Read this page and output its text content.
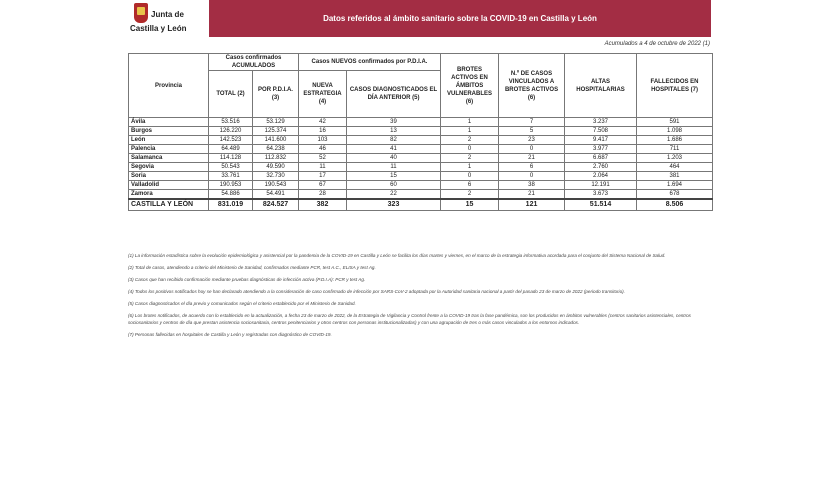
Junta de
Castilla y León
Datos referidos al ámbito sanitario sobre la COVID-19 en Castilla y León
Acumulados a 4 de octubre de 2022 (1)
Provincia	Casos confirmados ACUMULADOS		Casos NUEVOS confirmados por P.D.I.A.		BROTES ACTIVOS EN ÁMBITOS VULNERABLES (6)	N.º DE CASOS VINCULADOS A BROTES ACTIVOS (6)	ALTAS HOSPITALARIAS	FALLECIDOS EN HOSPITALES (7)
	TOTAL (2)	POR P.D.I.A. (3)	NUEVA ESTRATEGIA (4)	CASOS DIAGNOSTICADOS EL DÍA ANTERIOR (5)				
Ávila	53.516	53.129	42	39	1	7	3.237	591
Burgos	126.220	125.374	16	13	1	5	7.508	1.098
León	142.523	141.600	103	82	2	23	9.417	1.686
Palencia	64.489	64.238	46	41	0	0	3.977	711
Salamanca	114.128	112.832	52	40	2	21	6.687	1.203
Segovia	50.543	49.590	11	11	1	6	2.760	464
Soria	33.761	32.730	17	15	0	0	2.064	381
Valladolid	190.953	190.543	67	60	6	38	12.191	1.694
Zamora	54.886	54.491	28	22	2	21	3.673	678
CASTILLA Y LEÓN	831.019	824.527	382	323	15	121	51.514	8.506

(1) La información estadística sobre la evolución epidemiológica y asistencial por la pandemia de la COVID-19 en Castilla y León se facilita los días martes y viernes, en el marco de la estrategia informativa acordada para el conjunto del Sistema Nacional de Salud.

(2) Total de casos, atendiendo a criterio del Ministerio de Sanidad, confirmados mediante PCR, test A.C., ELISA y test Ag.

(3) Casos que han recibido confirmación mediante pruebas diagnósticas de infección activa (P.D.I.A): PCR y test Ag.

(4) Todos los positivos notificados hoy se han declarado atendiendo a la consideración de caso confirmado de infección por SARS-CoV-2 adoptada por la Autoridad sanitaria nacional a partir del pasado 23 de marzo de 2022 (periodo transitorio).

(5) Casos diagnosticados el día previo y comunicados según el criterio establecido por el Ministerio de Sanidad.

(6) Los brotes notificados, de acuerdo con lo establecido en la actualización, a fecha 23 de marzo de 2022, de la Estrategia de Vigilancia y Control frente a la COVID-19 tras la fase pandémica, son los producidos en ámbitos vulnerables (centros sanitarios asistenciales, centros sociosanitarios y centros de día que prestan asistencia sociosanitaria, centros penitenciarios y otros centros con personas institucionalizadas) y con una agrupación de tres o más casos vinculados a los entornos indicados.

(7) Personas fallecidas en hospitales de Castilla y León y registradas con diagnóstico de COVID-19.
